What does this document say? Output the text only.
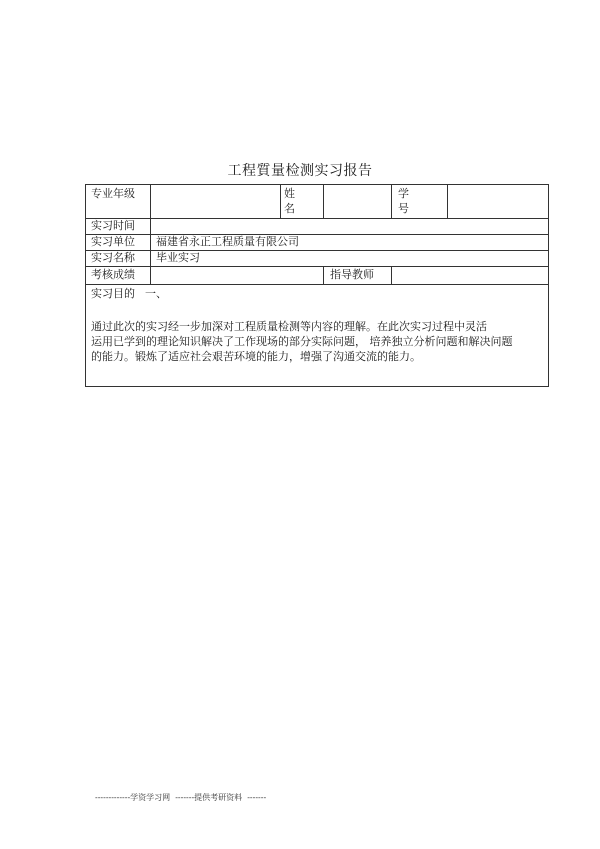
工程質量检测实习报告
专业年级	姓
名
学
号
实习时间
实习单位 福建省永正工程质量有限公司
实习名称 毕业实习
考核成绩	指导教师
实习目的 一、
通过此次的实习经一步加深对工程质量检测等内容的理解。在此次实习过程中灵活
运用已学到的理论知识解决了工作现场的部分实际问题， 培养独立分析问题和解决问题
的能力。锻炼了适应社会艰苦环境的能力，增强了沟通交流的能力。
-------------学资学习网  -------提供考研资料  -------
